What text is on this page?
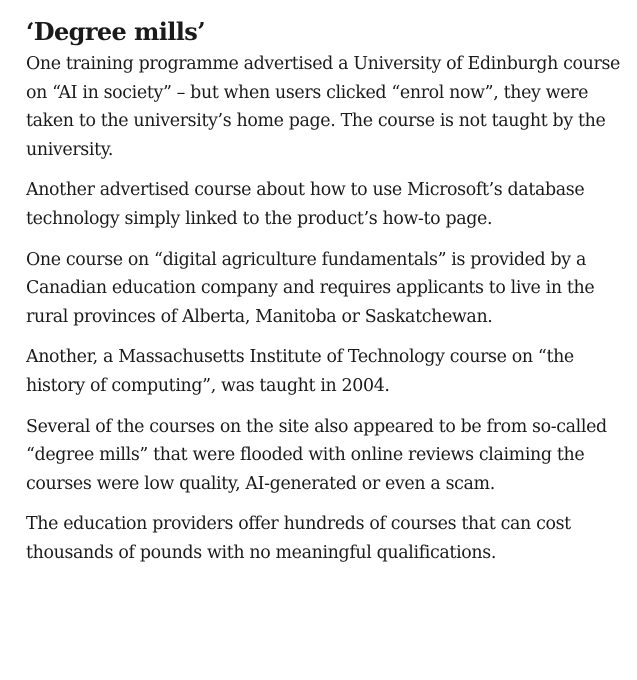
‘Degree mills’

One training programme advertised a University of Edinburgh course on “AI in society” – but when users clicked “enrol now”, they were taken to the university’s home page. The course is not taught by the university.

Another advertised course about how to use Microsoft’s database technology simply linked to the product’s how-to page.

One course on “digital agriculture fundamentals” is provided by a Canadian education company and requires applicants to live in the rural provinces of Alberta, Manitoba or Saskatchewan.

Another, a Massachusetts Institute of Technology course on “the history of computing”, was taught in 2004.

Several of the courses on the site also appeared to be from so-called “degree mills” that were flooded with online reviews claiming the courses were low quality, AI-generated or even a scam.

The education providers offer hundreds of courses that can cost thousands of pounds with no meaningful qualifications.
